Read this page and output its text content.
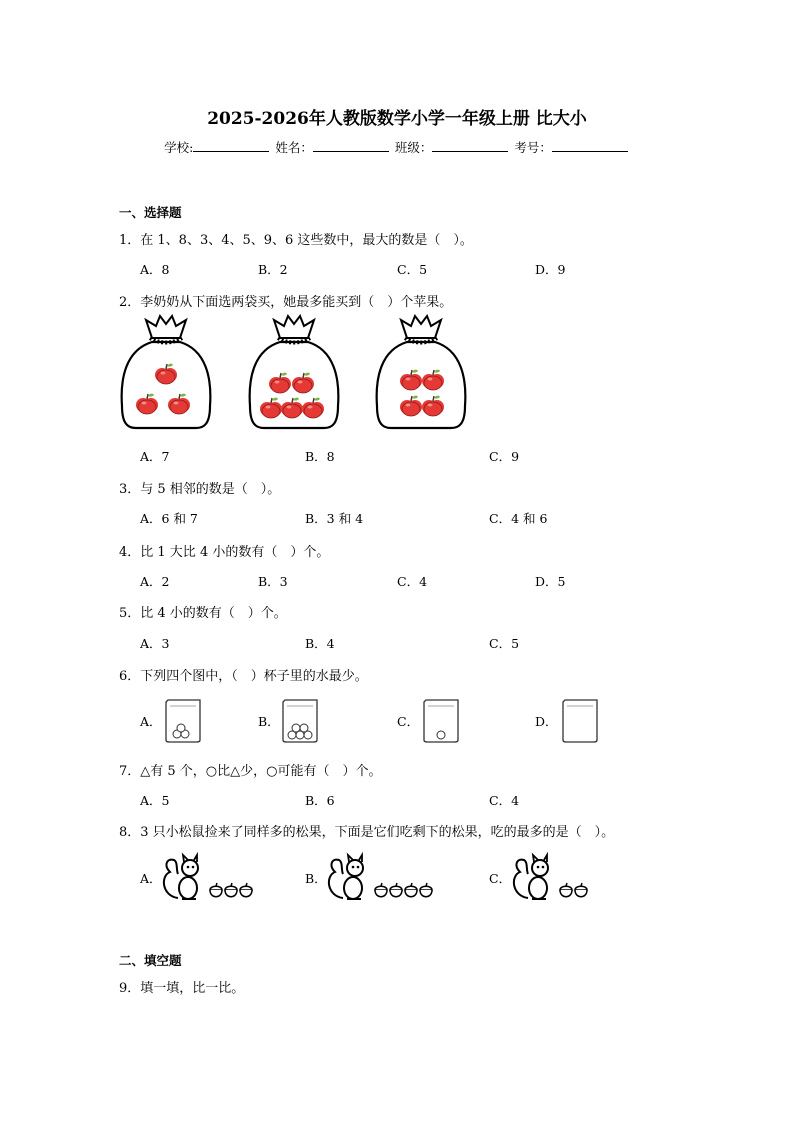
2025-2026年人教版数学小学一年级上册 比大小
学校:	姓名：	班级：	考号：
一、选择题
1．在 1、8、3、4、5、9、6 这些数中，最大的数是（　）。
A．8	B．2	C．5	D．9
2．李奶奶从下面选两袋买，她最多能买到（　）个苹果。
A．7	B．8	C．9
3．与 5 相邻的数是（　）。
A．6 和 7	B．3 和 4	C．4 和 6
4．比 1 大比 4 小的数有（　）个。
A．2	B．3	C．4	D．5
5．比 4 小的数有（　）个。
A．3	B．4	C．5
6．下列四个图中，（　）杯子里的水最少。
A．	B．	C．	D．
7．△有 5 个，○比△少，○可能有（　）个。
A．5	B．6	C．4
8．3 只小松鼠捡来了同样多的松果，下面是它们吃剩下的松果，吃的最多的是（　）。
A．	B．	C．
二、填空题
9．填一填，比一比。
